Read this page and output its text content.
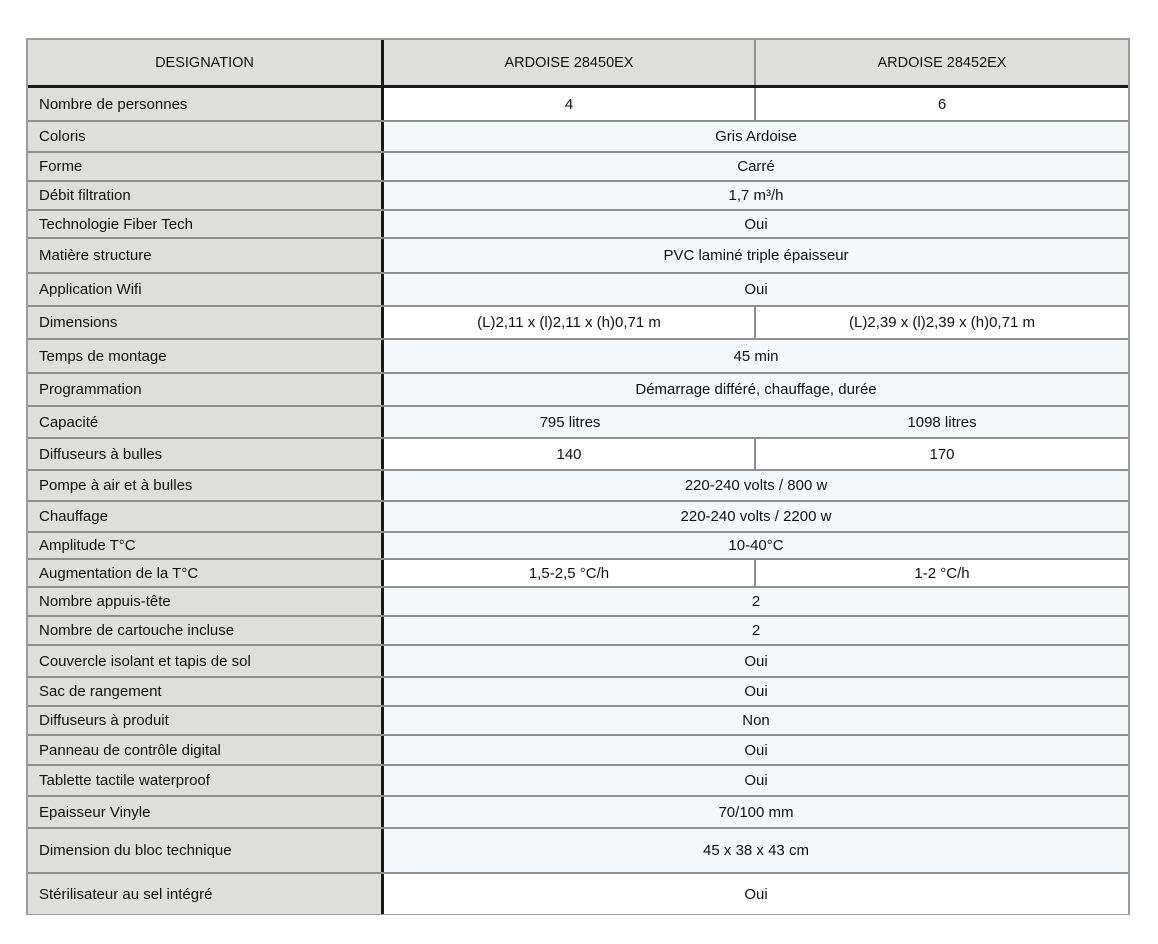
DESIGNATION	ARDOISE 28450EX	ARDOISE 28452EX
Nombre de personnes	4	6
Coloris	Gris Ardoise
Forme	Carré
Débit filtration	1,7 m³/h
Technologie Fiber Tech	Oui
Matière structure	PVC laminé triple épaisseur
Application Wifi	Oui
Dimensions	(L)2,11 x (l)2,11 x (h)0,71 m	(L)2,39 x (l)2,39 x (h)0,71 m
Temps de montage	45 min
Programmation	Démarrage différé, chauffage, durée
Capacité	795 litres	1098 litres
Diffuseurs à bulles	140	170
Pompe à air et à bulles	220-240 volts / 800 w
Chauffage	220-240 volts / 2200 w
Amplitude T°C	10-40°C
Augmentation de la T°C	1,5-2,5 °C/h	1-2 °C/h
Nombre appuis-tête	2
Nombre de cartouche incluse	2
Couvercle isolant et tapis de sol	Oui
Sac de rangement	Oui
Diffuseurs à produit	Non
Panneau de contrôle digital	Oui
Tablette tactile waterproof	Oui
Epaisseur Vinyle	70/100 mm
Dimension du bloc technique	45 x 38 x 43 cm
Stérilisateur au sel intégré	Oui
